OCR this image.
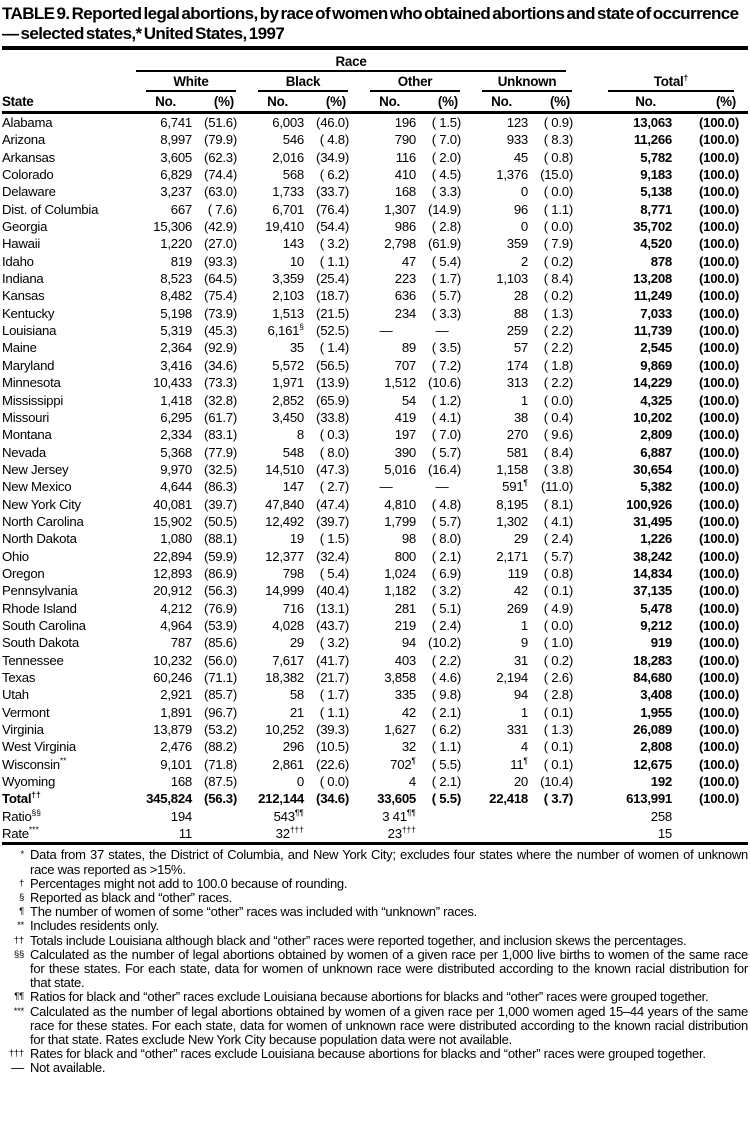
TABLE 9. Reported legal abortions, by race of women who obtained abortions and state of occurrence — selected states,* United States, 1997

	Race									

	White		Black		Other		Unknown		Total†

State	No.	(%)	No.	(%)	No.	(%)	No.	(%)	No.	(%)
Alabama	6,741	(51.6)	6,003	(46.0)	196	( 1.5)	123	( 0.9)	13,063	(100.0)
Arizona	8,997	(79.9)	546	( 4.8)	790	( 7.0)	933	( 8.3)	11,266	(100.0)
Arkansas	3,605	(62.3)	2,016	(34.9)	116	( 2.0)	45	( 0.8)	5,782	(100.0)
Colorado	6,829	(74.4)	568	( 6.2)	410	( 4.5)	1,376	(15.0)	9,183	(100.0)
Delaware	3,237	(63.0)	1,733	(33.7)	168	( 3.3)	0	( 0.0)	5,138	(100.0)
Dist. of Columbia	667	( 7.6)	6,701	(76.4)	1,307	(14.9)	96	( 1.1)	8,771	(100.0)
Georgia	15,306	(42.9)	19,410	(54.4)	986	( 2.8)	0	( 0.0)	35,702	(100.0)
Hawaii	1,220	(27.0)	143	( 3.2)	2,798	(61.9)	359	( 7.9)	4,520	(100.0)
Idaho	819	(93.3)	10	( 1.1)	47	( 5.4)	2	( 0.2)	878	(100.0)
Indiana	8,523	(64.5)	3,359	(25.4)	223	( 1.7)	1,103	( 8.4)	13,208	(100.0)
Kansas	8,482	(75.4)	2,103	(18.7)	636	( 5.7)	28	( 0.2)	11,249	(100.0)
Kentucky	5,198	(73.9)	1,513	(21.5)	234	( 3.3)	88	( 1.3)	7,033	(100.0)
Louisiana	5,319	(45.3)	6,161§	(52.5)	—	—	259	( 2.2)	11,739	(100.0)
Maine	2,364	(92.9)	35	( 1.4)	89	( 3.5)	57	( 2.2)	2,545	(100.0)
Maryland	3,416	(34.6)	5,572	(56.5)	707	( 7.2)	174	( 1.8)	9,869	(100.0)
Minnesota	10,433	(73.3)	1,971	(13.9)	1,512	(10.6)	313	( 2.2)	14,229	(100.0)
Mississippi	1,418	(32.8)	2,852	(65.9)	54	( 1.2)	1	( 0.0)	4,325	(100.0)
Missouri	6,295	(61.7)	3,450	(33.8)	419	( 4.1)	38	( 0.4)	10,202	(100.0)
Montana	2,334	(83.1)	8	( 0.3)	197	( 7.0)	270	( 9.6)	2,809	(100.0)
Nevada	5,368	(77.9)	548	( 8.0)	390	( 5.7)	581	( 8.4)	6,887	(100.0)
New Jersey	9,970	(32.5)	14,510	(47.3)	5,016	(16.4)	1,158	( 3.8)	30,654	(100.0)
New Mexico	4,644	(86.3)	147	( 2.7)	—	—	591¶	(11.0)	5,382	(100.0)
New York City	40,081	(39.7)	47,840	(47.4)	4,810	( 4.8)	8,195	( 8.1)	100,926	(100.0)
North Carolina	15,902	(50.5)	12,492	(39.7)	1,799	( 5.7)	1,302	( 4.1)	31,495	(100.0)
North Dakota	1,080	(88.1)	19	( 1.5)	98	( 8.0)	29	( 2.4)	1,226	(100.0)
Ohio	22,894	(59.9)	12,377	(32.4)	800	( 2.1)	2,171	( 5.7)	38,242	(100.0)
Oregon	12,893	(86.9)	798	( 5.4)	1,024	( 6.9)	119	( 0.8)	14,834	(100.0)
Pennsylvania	20,912	(56.3)	14,999	(40.4)	1,182	( 3.2)	42	( 0.1)	37,135	(100.0)
Rhode Island	4,212	(76.9)	716	(13.1)	281	( 5.1)	269	( 4.9)	5,478	(100.0)
South Carolina	4,964	(53.9)	4,028	(43.7)	219	( 2.4)	1	( 0.0)	9,212	(100.0)
South Dakota	787	(85.6)	29	( 3.2)	94	(10.2)	9	( 1.0)	919	(100.0)
Tennessee	10,232	(56.0)	7,617	(41.7)	403	( 2.2)	31	( 0.2)	18,283	(100.0)
Texas	60,246	(71.1)	18,382	(21.7)	3,858	( 4.6)	2,194	( 2.6)	84,680	(100.0)
Utah	2,921	(85.7)	58	( 1.7)	335	( 9.8)	94	( 2.8)	3,408	(100.0)
Vermont	1,891	(96.7)	21	( 1.1)	42	( 2.1)	1	( 0.1)	1,955	(100.0)
Virginia	13,879	(53.2)	10,252	(39.3)	1,627	( 6.2)	331	( 1.3)	26,089	(100.0)
West Virginia	2,476	(88.2)	296	(10.5)	32	( 1.1)	4	( 0.1)	2,808	(100.0)
Wisconsin**	9,101	(71.8)	2,861	(22.6)	702¶	( 5.5)	11¶	( 0.1)	12,675	(100.0)
Wyoming	168	(87.5)	0	( 0.0)	4	( 2.1)	20	(10.4)	192	(100.0)
Total††	345,824	(56.3)	212,144	(34.6)	33,605	( 5.5)	22,418	( 3.7)	613,991	(100.0)
Ratio§§	194		543¶¶		3 41¶¶				258	
Rate***	11		32†††		23†††				15	
* Data from 37 states, the District of Columbia, and New York City; excludes four states where the number of women of unknown race was reported as >15%.
† Percentages might not add to 100.0 because of rounding.
§ Reported as black and “other” races.
¶ The number of women of some “other” races was included with “unknown” races.
** Includes residents only.
†† Totals include Louisiana although black and “other” races were reported together, and inclusion skews the percentages.
§§ Calculated as the number of legal abortions obtained by women of a given race per 1,000 live births to women of the same race for these states. For each state, data for women of unknown race were distributed according to the known racial distribution for that state.
¶¶ Ratios for black and “other” races exclude Louisiana because abortions for blacks and “other” races were grouped together.
*** Calculated as the number of legal abortions obtained by women of a given race per 1,000 women aged 15–44 years of the same race for these states. For each state, data for women of unknown race were distributed according to the known racial distribution for that state. Rates exclude New York City because population data were not available.
††† Rates for black and “other” races exclude Louisiana because abortions for blacks and “other” races were grouped together.
— Not available.
